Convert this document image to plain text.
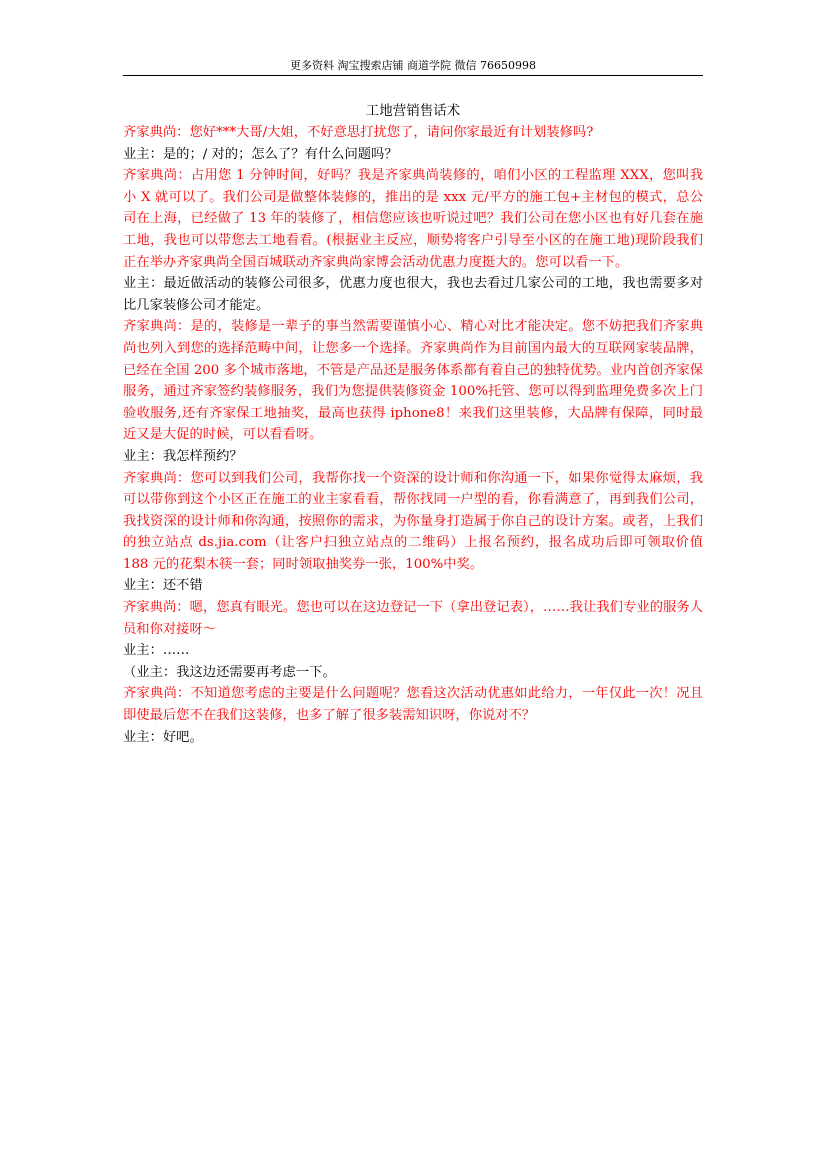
更多资料 淘宝搜索店铺 商道学院 微信 76650998
工地营销售话术

齐家典尚：您好***大哥/大姐，不好意思打扰您了，请问你家最近有计划装修吗?

业主：是的；/ 对的；怎么了？有什么问题吗？

齐家典尚：占用您 1 分钟时间，好吗？我是齐家典尚装修的，咱们小区的工程监理 XXX，您叫我小 X 就可以了。我们公司是做整体装修的，推出的是 xxx 元/平方的施工包+主材包的模式，总公司在上海，已经做了 13 年的装修了，相信您应该也听说过吧？我们公司在您小区也有好几套在施工地，我也可以带您去工地看看。(根据业主反应，顺势将客户引导至小区的在施工地)现阶段我们正在举办齐家典尚全国百城联动齐家典尚家博会活动优惠力度挺大的。您可以看一下。

业主：最近做活动的装修公司很多，优惠力度也很大，我也去看过几家公司的工地，我也需要多对比几家装修公司才能定。

齐家典尚：是的，装修是一辈子的事当然需要谨慎小心、精心对比才能决定。您不妨把我们齐家典尚也列入到您的选择范畴中间，让您多一个选择。齐家典尚作为目前国内最大的互联网家装品牌，已经在全国 200 多个城市落地，不管是产品还是服务体系都有着自己的独特优势。业内首创齐家保服务，通过齐家签约装修服务，我们为您提供装修资金 100%托管、您可以得到监理免费多次上门验收服务,还有齐家保工地抽奖，最高也获得 iphone8！来我们这里装修，大品牌有保障，同时最近又是大促的时候，可以看看呀。

业主：我怎样预约？

齐家典尚：您可以到我们公司，我帮你找一个资深的设计师和你沟通一下，如果你觉得太麻烦，我可以带你到这个小区正在施工的业主家看看，帮你找同一户型的看，你看满意了，再到我们公司，我找资深的设计师和你沟通，按照你的需求，为你量身打造属于你自己的设计方案。或者，上我们的独立站点 ds.jia.com（让客户扫独立站点的二维码）上报名预约，报名成功后即可领取价值 188 元的花梨木筷一套；同时领取抽奖券一张，100%中奖。

业主：还不错

齐家典尚：嗯，您真有眼光。您也可以在这边登记一下（拿出登记表），……我让我们专业的服务人员和你对接呀～

业主：……

（业主：我这边还需要再考虑一下。

齐家典尚：不知道您考虑的主要是什么问题呢？您看这次活动优惠如此给力，一年仅此一次！况且即使最后您不在我们这装修，也多了解了很多装需知识呀，你说对不？

业主：好吧。
